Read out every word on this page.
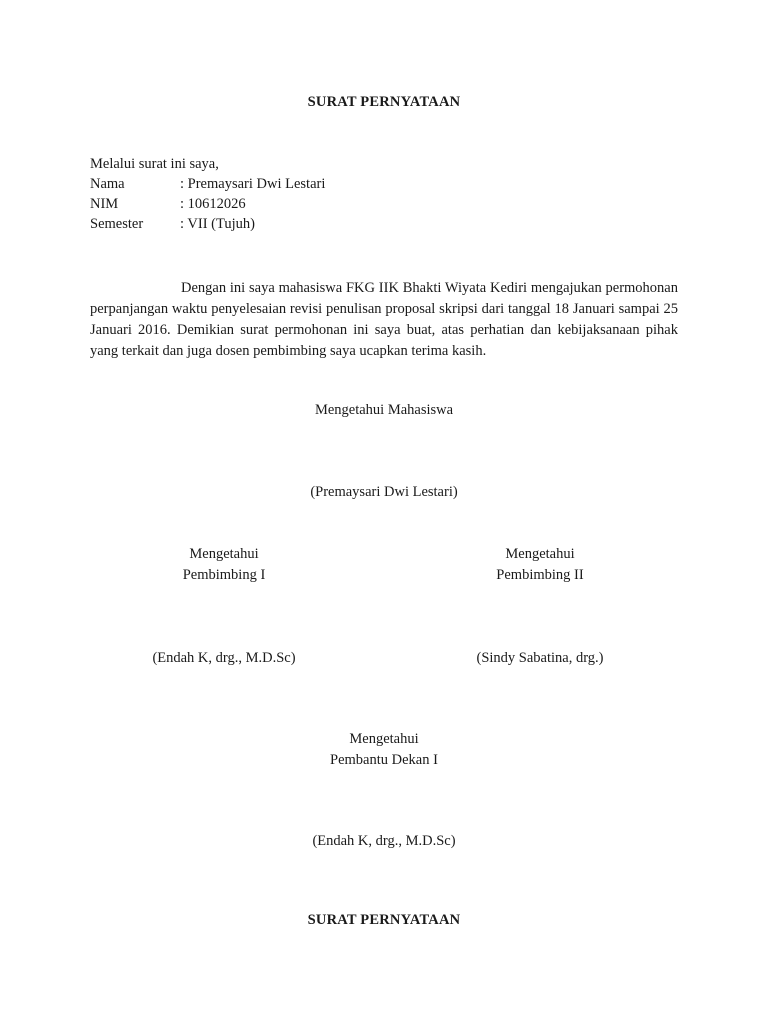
SURAT PERNYATAAN
Melalui surat ini saya,
Nama	: Premaysari Dwi Lestari
NIM	: 10612026
Semester	: VII (Tujuh)
Dengan ini saya mahasiswa FKG IIK Bhakti Wiyata Kediri mengajukan permohonan perpanjangan waktu penyelesaian revisi penulisan proposal skripsi dari tanggal 18 Januari sampai 25 Januari 2016. Demikian surat permohonan ini saya buat, atas perhatian dan kebijaksanaan pihak yang terkait dan juga dosen pembimbing saya ucapkan terima kasih.
Mengetahui Mahasiswa
(Premaysari Dwi Lestari)
Mengetahui
Pembimbing I
(Endah K, drg., M.D.Sc)
Mengetahui
Pembimbing II
(Sindy Sabatina, drg.)
Mengetahui
Pembantu Dekan I
(Endah K, drg., M.D.Sc)
SURAT PERNYATAAN
